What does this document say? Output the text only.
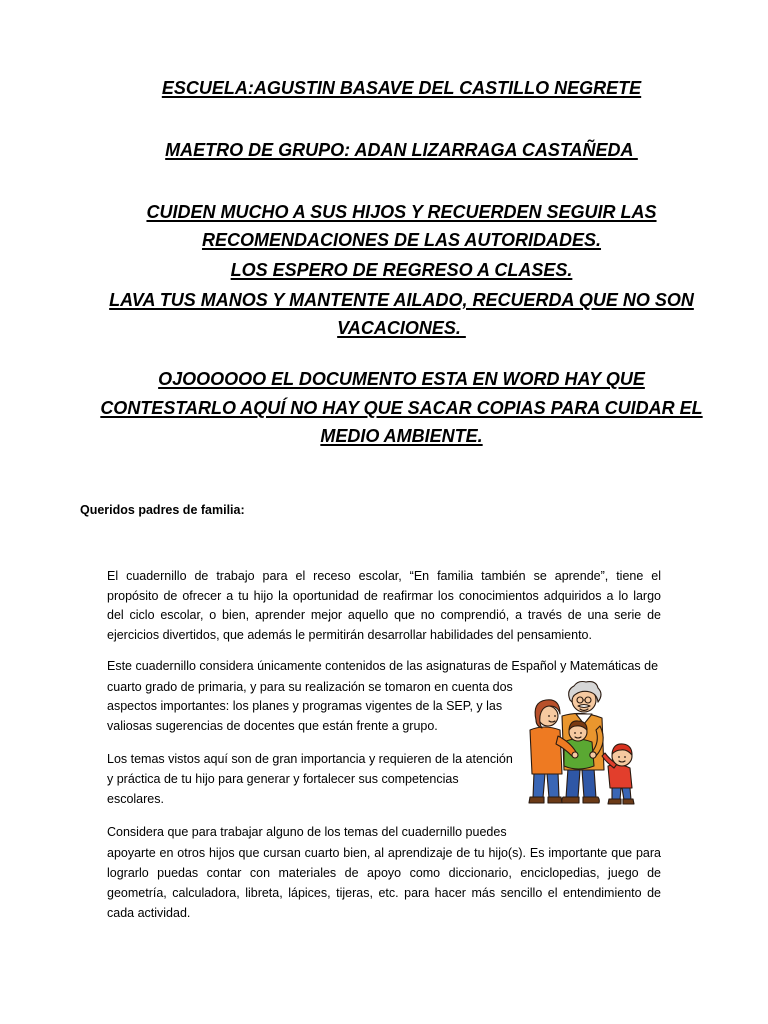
ESCUELA:AGUSTIN BASAVE DEL CASTILLO NEGRETE
MAETRO DE GRUPO: ADAN LIZARRAGA CASTAÑEDA
CUIDEN MUCHO A SUS HIJOS Y RECUERDEN SEGUIR LAS
RECOMENDACIONES DE LAS AUTORIDADES.
LOS ESPERO DE REGRESO A CLASES.
LAVA TUS MANOS Y MANTENTE AILADO, RECUERDA QUE NO SON
VACACIONES.
OJOOOOOO EL DOCUMENTO ESTA EN WORD HAY QUE
CONTESTARLO AQUÍ NO HAY QUE SACAR COPIAS PARA CUIDAR EL
MEDIO AMBIENTE.
Queridos padres de familia:
El cuadernillo de trabajo para el receso escolar, “En familia también se aprende”, tiene el
propósito de ofrecer a tu hijo la oportunidad de reafirmar los conocimientos adquiridos a lo largo
del ciclo escolar, o bien, aprender mejor aquello que no comprendió, a través de una serie de
ejercicios divertidos, que además le permitirán desarrollar habilidades del pensamiento.
Este cuadernillo considera únicamente contenidos de las asignaturas de Español y Matemáticas de
cuarto grado de primaria, y para su realización se tomaron en cuenta dos
aspectos importantes: los planes y programas vigentes de la SEP, y las
valiosas sugerencias de docentes que están frente a grupo.
Los temas vistos aquí son de gran importancia y requieren de la atención
y práctica de tu hijo para generar y fortalecer sus competencias
escolares.
Considera que para trabajar alguno de los temas del cuadernillo puedes
apoyarte en otros hijos que cursan cuarto bien, al aprendizaje de tu hijo(s). Es importante que para
lograrlo puedas contar con materiales de apoyo como diccionario, enciclopedias, juego de
geometría, calculadora, libreta, lápices, tijeras, etc. para hacer más sencillo el entendimiento de
cada actividad.
